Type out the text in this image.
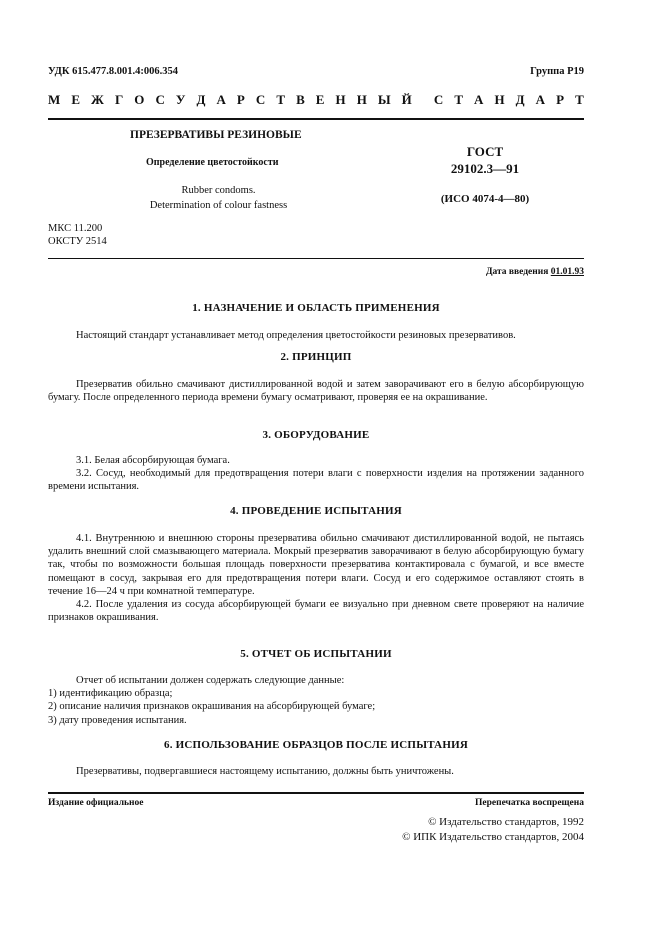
УДК 615.477.8.001.4:006.354	Группа Р19
М Е Ж Г О С У Д А Р С Т В Е Н Н Ы Й С Т А Н Д А Р Т
ПРЕЗЕРВАТИВЫ РЕЗИНОВЫЕ
Определение цветостойкости
Rubber condoms.
Determination of colour fastness
ГОСТ
29102.3—91
(ИСО 4074-4—80)
МКС 11.200
ОКСТУ 2514
Дата введения 01.01.93
1. НАЗНАЧЕНИЕ И ОБЛАСТЬ ПРИМЕНЕНИЯ

Настоящий стандарт устанавливает метод определения цветостойкости резиновых презервативов.

2. ПРИНЦИП

Презерватив обильно смачивают дистиллированной водой и затем заворачивают его в белую абсорбирующую бумагу. После определенного периода времени бумагу осматривают, проверяя ее на окрашивание.

3. ОБОРУДОВАНИЕ

3.1. Белая абсорбирующая бумага.

3.2. Сосуд, необходимый для предотвращения потери влаги с поверхности изделия на протяжении заданного времени испытания.

4. ПРОВЕДЕНИЕ ИСПЫТАНИЯ

4.1. Внутреннюю и внешнюю стороны презерватива обильно смачивают дистиллированной водой, не пытаясь удалить внешний слой смазывающего материала. Мокрый презерватив заворачивают в белую абсорбирующую бумагу так, чтобы по возможности большая площадь поверхности презерватива контактировала с бумагой, и все вместе помещают в сосуд, закрывая его для предотвращения потери влаги. Сосуд и его содержимое оставляют стоять в течение 16—24 ч при комнатной температуре.

4.2. После удаления из сосуда абсорбирующей бумаги ее визуально при дневном свете проверяют на наличие признаков окрашивания.

5. ОТЧЕТ ОБ ИСПЫТАНИИ

Отчет об испытании должен содержать следующие данные:

1) идентификацию образца;

2) описание наличия признаков окрашивания на абсорбирующей бумаге;

3) дату проведения испытания.

6. ИСПОЛЬЗОВАНИЕ ОБРАЗЦОВ ПОСЛЕ ИСПЫТАНИЯ

Презервативы, подвергавшиеся настоящему испытанию, должны быть уничтожены.

Издание официальное	Перепечатка воспрещена
© Издательство стандартов, 1992
© ИПК Издательство стандартов, 2004
